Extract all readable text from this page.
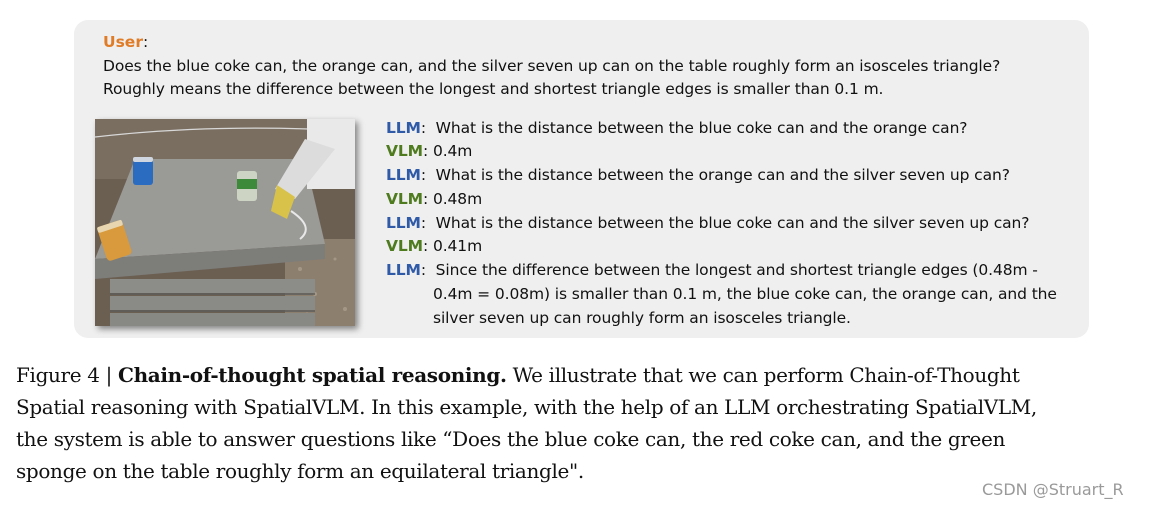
User:
Does the blue coke can, the orange can, and the silver seven up can on the table roughly form an isosceles triangle?
Roughly means the difference between the longest and shortest triangle edges is smaller than 0.1 m.
LLM:  What is the distance between the blue coke can and the orange can?
VLM: 0.4m
LLM:  What is the distance between the orange can and the silver seven up can?
VLM: 0.48m
LLM:  What is the distance between the blue coke can and the silver seven up can?
VLM: 0.41m
LLM:  Since the difference between the longest and shortest triangle edges (0.48m -
0.4m = 0.08m) is smaller than 0.1 m, the blue coke can, the orange can, and the
silver seven up can roughly form an isosceles triangle.
Figure 4 | Chain-of-thought spatial reasoning. We illustrate that we can perform Chain-of-Thought
Spatial reasoning with SpatialVLM. In this example, with the help of an LLM orchestrating SpatialVLM,
the system is able to answer questions like “Does the blue coke can, the red coke can, and the green
sponge on the table roughly form an equilateral triangle".
CSDN @Struart_R
